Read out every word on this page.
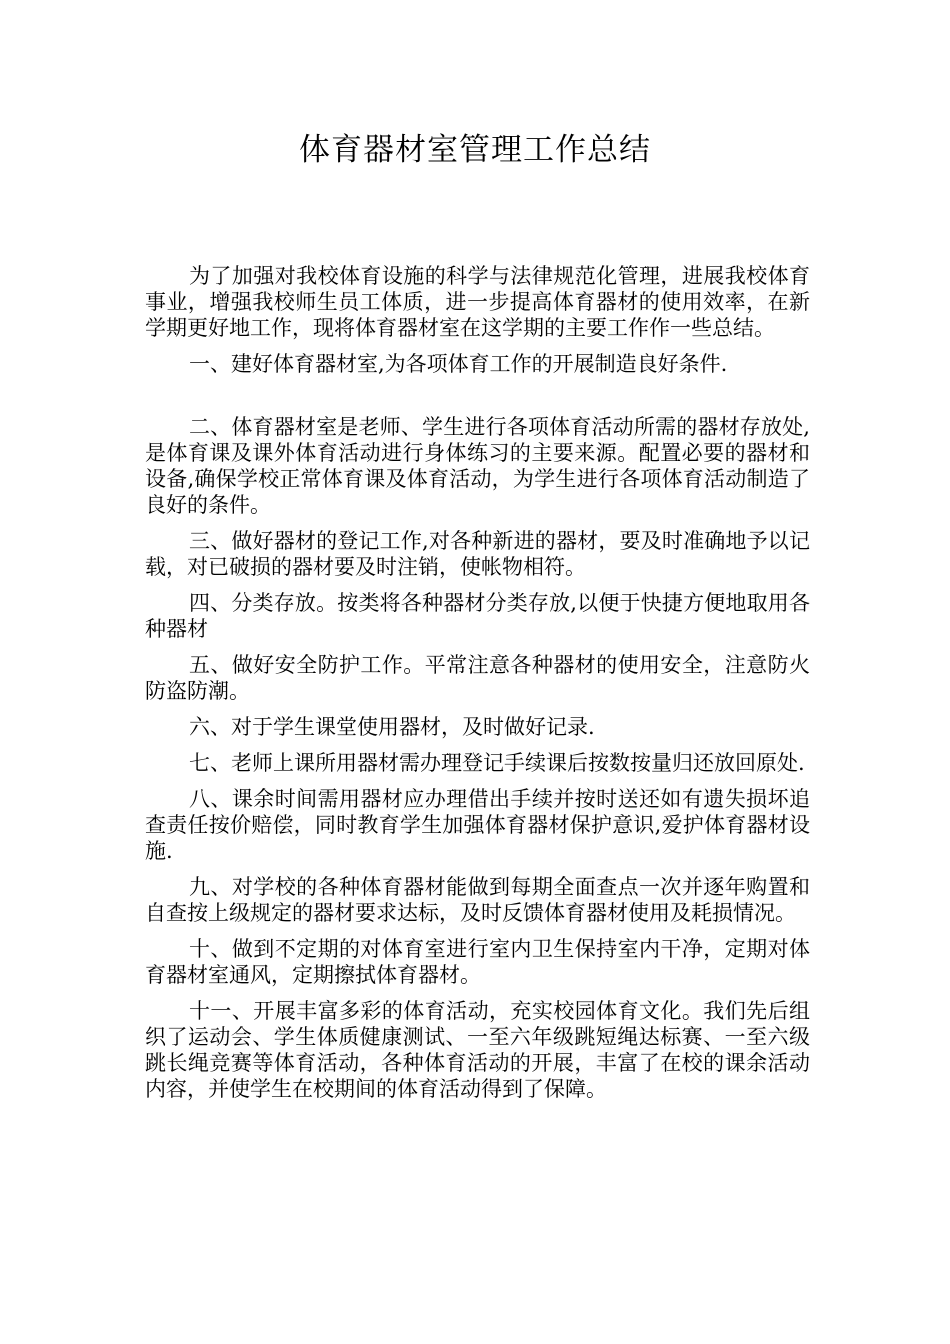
体育器材室管理工作总结

为了加强对我校体育设施的科学与法律规范化管理，进展我校体育事业，增强我校师生员工体质，进一步提高体育器材的使用效率，在新学期更好地工作，现将体育器材室在这学期的主要工作作一些总结。

一、建好体育器材室,为各项体育工作的开展制造良好条件.

二、体育器材室是老师、学生进行各项体育活动所需的器材存放处,是体育课及课外体育活动进行身体练习的主要来源。配置必要的器材和设备,确保学校正常体育课及体育活动，为学生进行各项体育活动制造了良好的条件。

三、做好器材的登记工作,对各种新进的器材，要及时准确地予以记载，对已破损的器材要及时注销，使帐物相符。

四、分类存放。按类将各种器材分类存放,以便于快捷方便地取用各种器材

五、做好安全防护工作。平常注意各种器材的使用安全，注意防火防盗防潮。

六、对于学生课堂使用器材，及时做好记录.

七、老师上课所用器材需办理登记手续课后按数按量归还放回原处.

八、课余时间需用器材应办理借出手续并按时送还如有遗失损坏追查责任按价赔偿，同时教育学生加强体育器材保护意识,爱护体育器材设施.

九、对学校的各种体育器材能做到每期全面查点一次并逐年购置和自查按上级规定的器材要求达标，及时反馈体育器材使用及耗损情况。

十、做到不定期的对体育室进行室内卫生保持室内干净，定期对体育器材室通风，定期擦拭体育器材。

十一、开展丰富多彩的体育活动，充实校园体育文化。我们先后组织了运动会、学生体质健康测试、一至六年级跳短绳达标赛、一至六级跳长绳竞赛等体育活动，各种体育活动的开展，丰富了在校的课余活动内容，并使学生在校期间的体育活动得到了保障。
